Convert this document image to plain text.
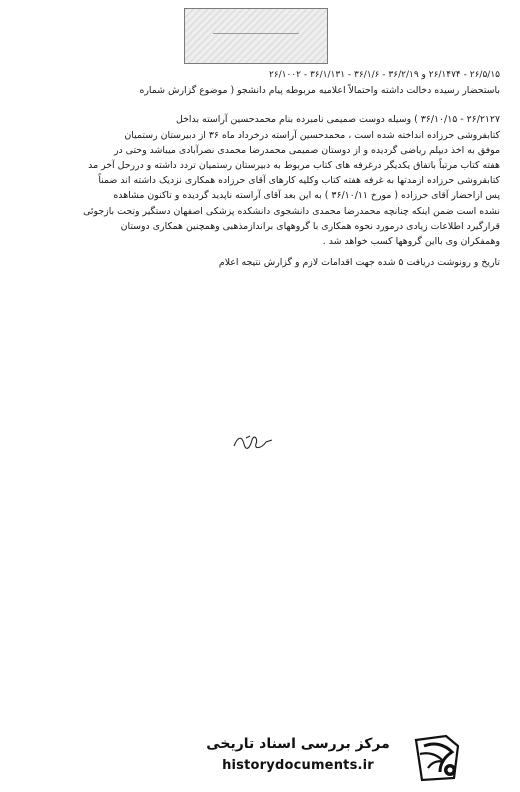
۲۶/۵/۱۵ - ۲۶/۱۴۷۴ و ۳۶/۲/۱۹ - ۳۶/۱/۶ - ۳۶/۱/۱۳۱ - ۲۶/۱۰۰۲
باستحضار رسیده دخالت داشته واحتمالاً اعلامیه مربوطه پیام دانشجو ( موضوع گزارش شماره
۲۶/۲۱۲۷ - ۳۶/۱۰/۱۵ ) وسیله دوست صمیمی نامبرده بنام محمدحسین آراسته بداخل
کتابفروشی حرزاده انداخته شده است ، محمدحسین آراسته درخرداد ماه ۳۶ از دبیرستان رستمیان
موفق به اخذ دیپلم ریاضی گردیده و از دوستان صمیمی محمدرضا محمدی نصرآبادی میباشد وحتی در
هفته کتاب مرتباً باتفاق یکدیگر درغرفه های کتاب مربوط به دبیرستان رستمیان تردد داشته و دررحل آخر مد
کتابفروشی حرزاده ازمدتها به غرفه هفته کتاب وکلیه کارهای آقای حرزاده همکاری نزدیک داشته اند ضمناً
پس ازاحضار آقای حرزاده ( مورخ ۳۶/۱۰/۱۱ ) به این بعد آقای آراسته ناپدید گردیده و تاکنون مشاهده
نشده است ضمن اینکه چنانچه محمدرضا محمدی دانشجوی دانشکده پزشکی اصفهان دستگیر وتحت بازجوئی
قرارگیرد اطلاعات زیادی درمورد نحوه همکاری با گروههای براندازمذهبی وهمچنین همکاری دوستان
وهمفکران وی بااین گروهها کسب خواهد شد .
تاریخ و رونوشت دریافت ۵ شده جهت اقدامات لازم و گزارش نتیجه اعلام
مرکز بررسی اسناد تاریخی
historydocuments.ir
